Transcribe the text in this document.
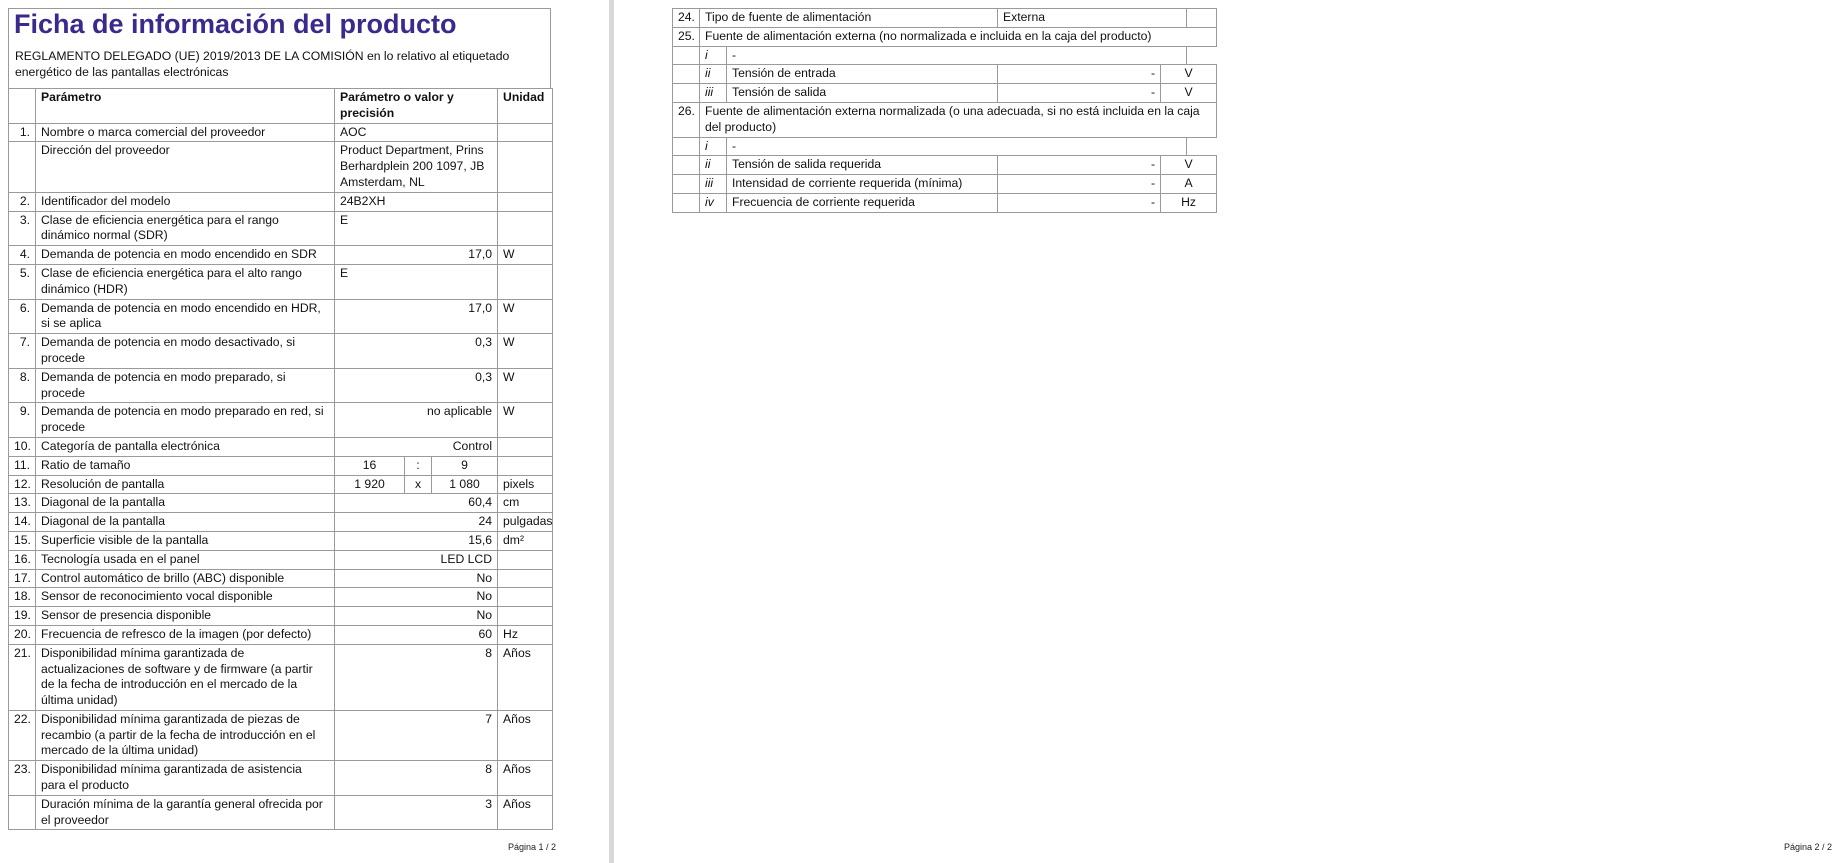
Ficha de información del producto
REGLAMENTO DELEGADO (UE) 2019/2013 DE LA COMISIÓN en lo relativo al etiquetado energético de las pantallas electrónicas
	Parámetro	Parámetro o valor y precisión			Unidad
1.	Nombre o marca comercial del proveedor	AOC			
	Dirección del proveedor	Product Department, Prins Berhardplein 200 1097, JB Amsterdam, NL			
2.	Identificador del modelo	24B2XH			
3.	Clase de eficiencia energética para el rango dinámico normal (SDR)	E			
4.	Demanda de potencia en modo encendido en SDR	17,0			W
5.	Clase de eficiencia energética para el alto rango dinámico (HDR)	E			
6.	Demanda de potencia en modo encendido en HDR, si se aplica	17,0			W
7.	Demanda de potencia en modo desactivado, si procede	0,3			W
8.	Demanda de potencia en modo preparado, si procede	0,3			W
9.	Demanda de potencia en modo preparado en red, si procede	no aplicable			W
10.	Categoría de pantalla electrónica	Control			
11.	Ratio de tamaño	16	:	9	
12.	Resolución de pantalla	1 920	x	1 080	pixels
13.	Diagonal de la pantalla	60,4			cm
14.	Diagonal de la pantalla	24			pulgadas
15.	Superficie visible de la pantalla	15,6			dm²
16.	Tecnología usada en el panel	LED LCD			
17.	Control automático de brillo (ABC) disponible	No			
18.	Sensor de reconocimiento vocal disponible	No			
19.	Sensor de presencia disponible	No			
20.	Frecuencia de refresco de la imagen (por defecto)	60			Hz
21.	Disponibilidad mínima garantizada de actualizaciones de software y de firmware (a partir de la fecha de introducción en el mercado de la última unidad)	8			Años
22.	Disponibilidad mínima garantizada de piezas de recambio (a partir de la fecha de introducción en el mercado de la última unidad)	7			Años
23.	Disponibilidad mínima garantizada de asistencia para el producto	8			Años
	Duración mínima de la garantía general ofrecida por el proveedor	3			Años
Página 1 / 2	Página 2 / 2
24.	Tipo de fuente de alimentación		Externa		
25.	Fuente de alimentación externa (no normalizada e incluida en la caja del producto)				
	i	-			
	ii	Tensión de entrada	-	V	
	iii	Tensión de salida	-	V	
26.	Fuente de alimentación externa normalizada (o una adecuada, si no está incluida en la caja del producto)				
	i	-			
	ii	Tensión de salida requerida	-	V	
	iii	Intensidad de corriente requerida (mínima)	-	A	
	iv	Frecuencia de corriente requerida	-	Hz	
